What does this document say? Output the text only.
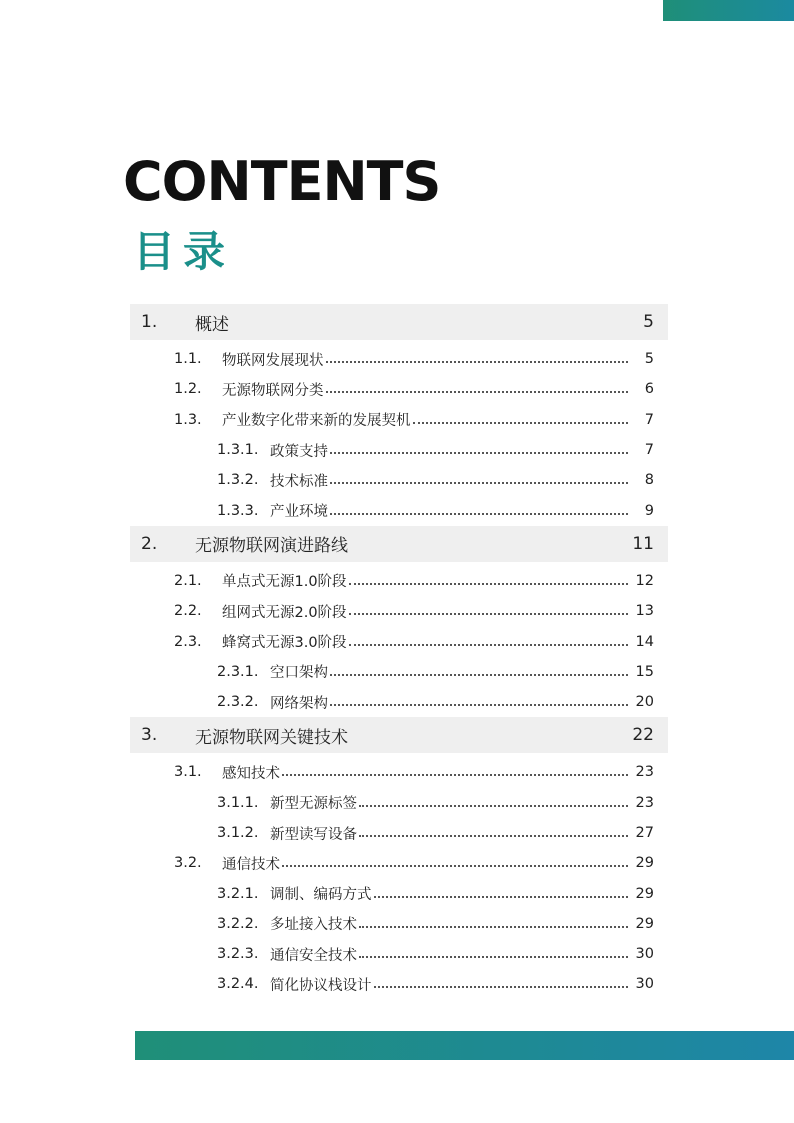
CONTENTS
目录
1.	概述	5
1.1.	物联网发展现状	5
1.2.	无源物联网分类	6
1.3.	产业数字化带来新的发展契机	7
1.3.1. 政策支持	7
1.3.2. 技术标准	8
1.3.3. 产业环境	9
2.	无源物联网演进路线	11
2.1.	单点式无源1.0阶段	12
2.2.	组网式无源2.0阶段	13
2.3.	蜂窝式无源3.0阶段	14
2.3.1. 空口架构	15
2.3.2. 网络架构	20
3.	无源物联网关键技术	22
3.1.	感知技术	23
3.1.1. 新型无源标签	23
3.1.2. 新型读写设备	27
3.2.	通信技术	29
3.2.1. 调制、编码方式	29
3.2.2. 多址接入技术	29
3.2.3. 通信安全技术	30
3.2.4. 简化协议栈设计	30
